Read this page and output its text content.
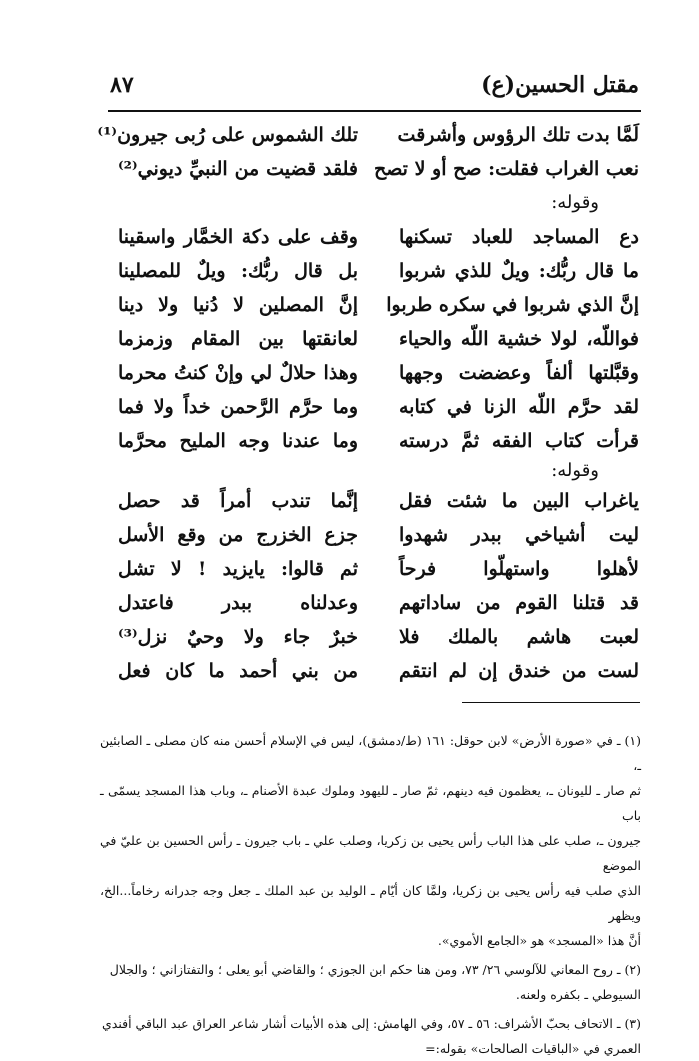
مقتل الحسين(ع)
٨٧
لَمَّا بدت تلك الرؤوس وأشرقت
نعب الغراب فقلت: صح أو لا تصح
وقوله:
دع المساجد للعباد تسكنها
ما قال ربُّك: ويلٌ للذي شربوا
إنَّ الذي شربوا في سكره طربوا
فواللّه، لولا خشية اللّه والحياء
وقبَّلتها ألفاً وعضضت وجهها
لقد حرَّم اللّه الزنا في كتابه
قرأت كتاب الفقه ثمَّ درسته
وقوله:
ياغراب البين ما شئت فقل
ليت أشياخي ببدر شهدوا
لأهلوا واستهلّوا فرحاً
قد قتلنا القوم من ساداتهم
لعبت هاشم بالملك فلا
لست من خندق إن لم انتقم
تلك الشموس على رُبى جيرون⁽¹⁾
فلقد قضيت من النبيِّ ديوني⁽²⁾
وقف على دكة الخمَّار واسقينا
بل قال ربُّك: ويلٌ للمصلينا
إنَّ المصلين لا دُنيا ولا دينا
لعانقتها بين المقام وزمزما
وهذا حلالٌ لي وإنْ كنتُ محرما
وما حرَّم الرَّحمن خداً ولا فما
وما عندنا وجه المليح محرَّما
إنَّما تندب أمراً قد حصل
جزع الخزرج من وقع الأسل
ثم قالوا: يايزيد ! لا تشل
وعدلناه ببدر فاعتدل
خبرٌ جاء ولا وحيٌ نزل⁽³⁾
من بني أحمد ما كان فعل

(١) ـ في «صورة الأرض» لابن حوقل: ١٦١ (ط/دمشق)، ليس في الإسلام أحسن منه كان مصلى ـ الصابئين ـ،

ثم صار ـ لليونان ـ، يعظمون فيه دينهم، ثمّ صار ـ لليهود وملوك عبدة الأصنام ـ، وباب هذا المسجد يسمّى ـ باب

جيرون ـ، صلب على هذا الباب رأس يحيى بن زكريا، وصلب علي ـ باب جيرون ـ رأس الحسين بن عليّ في الموضع

الذي صلب فيه رأس يحيى بن زكريا، ولمَّا كان أيّام ـ الوليد بن عبد الملك ـ جعل وجه جدرانه رخاماً...الخ، ويظهر

أنَّ هذا «المسجد» هو «الجامع الأموي».

(٢) ـ روح المعاني للآلوسي ٢٦/ ٧٣، ومن هنا حكم ابن الجوزي ؛ والقاضي أبو يعلى ؛ والتفتازاني ؛ والجلال

السيوطي ـ بكفره ولعنه.

(٣) ـ الاتحاف بحبّ الأشراف: ٥٦ ـ ٥٧، وفي الهامش: إلى هذه الأبيات أشار شاعر العراق عبد الباقي أفندي

العمري في «الباقيات الصالحات» بقوله:=
